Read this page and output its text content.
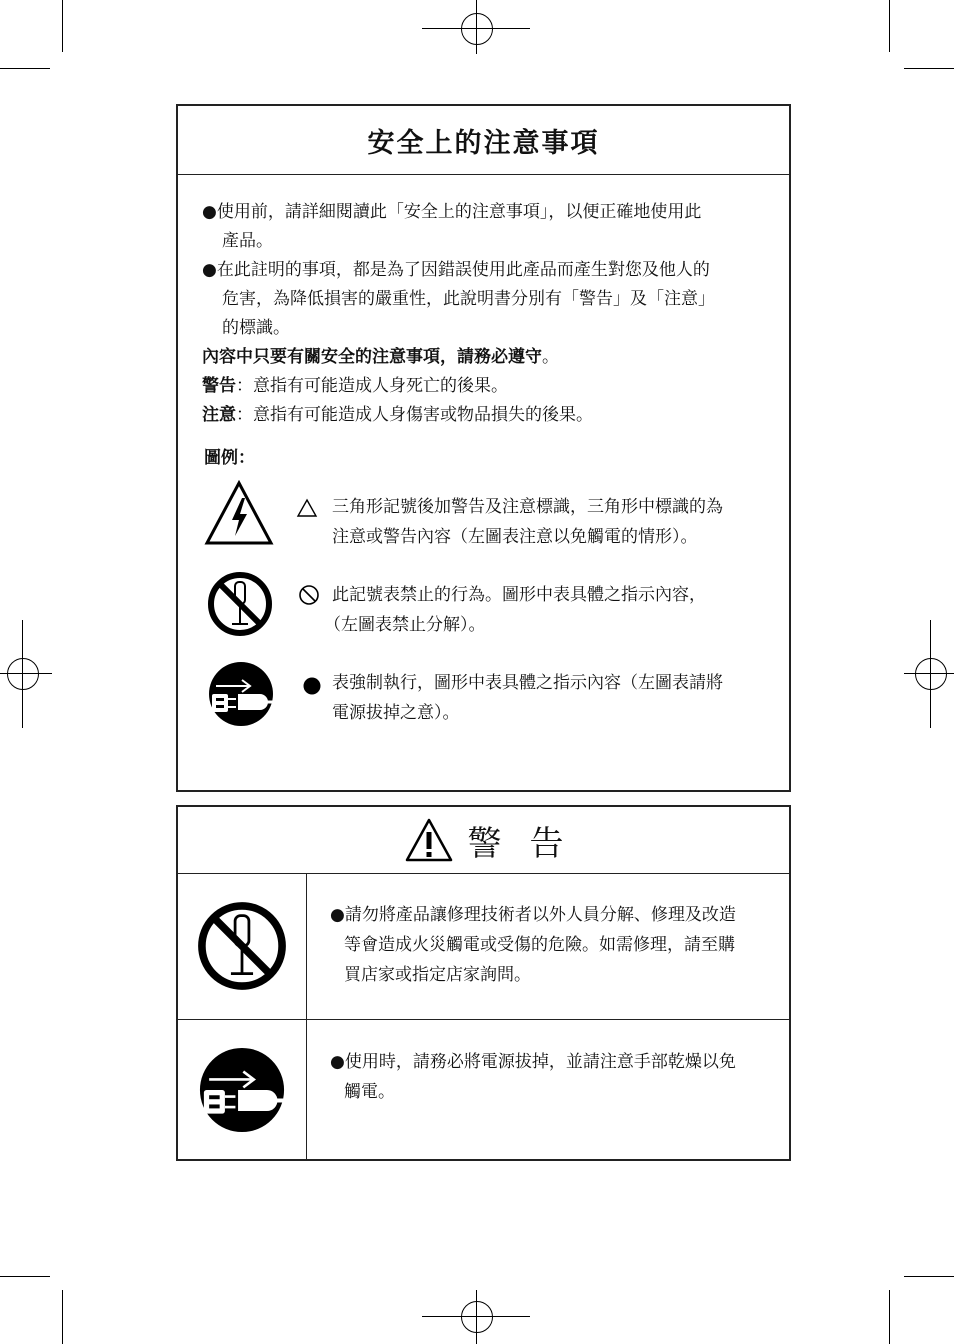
安全上的注意事項
●使用前，請詳細閱讀此「安全上的注意事項」，以便正確地使用此
產品。
●在此註明的事項，都是為了因錯誤使用此產品而產生對您及他人的
危害，為降低損害的嚴重性，此說明書分別有「警告」及「注意」
的標識。
內容中只要有關安全的注意事項，請務必遵守。
警告：意指有可能造成人身死亡的後果。
注意：意指有可能造成人身傷害或物品損失的後果。
圖例：
三角形記號後加警告及注意標識，三角形中標識的為
注意或警告內容（左圖表注意以免觸電的情形）。
此記號表禁止的行為。圖形中表具體之指示內容，
（左圖表禁止分解）。
表強制執行，圖形中表具體之指示內容（左圖表請將
電源拔掉之意）。
警告
●請勿將產品讓修理技術者以外人員分解、修理及改造
等會造成火災觸電或受傷的危險。如需修理，請至購
買店家或指定店家詢問。
●使用時，請務必將電源拔掉，並請注意手部乾燥以免
觸電。
